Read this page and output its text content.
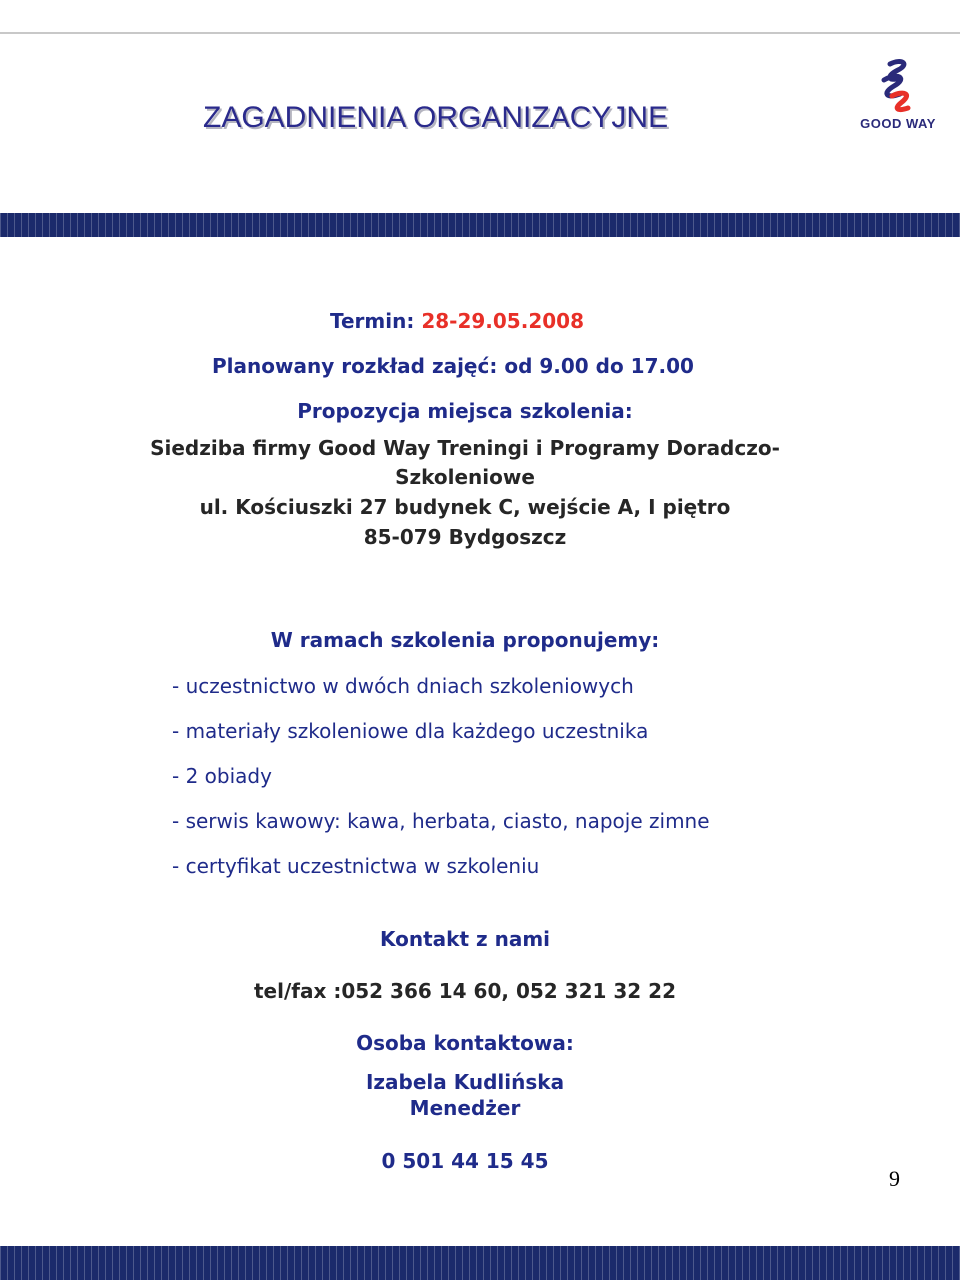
ZAGADNIENIA ORGANIZACYJNE	GOOD WAY

Termin: 28-29.05.2008

Planowany rozkład zajęć: od 9.00 do 17.00

Propozycja miejsca szkolenia:

Siedziba firmy Good Way Treningi i Programy Doradczo-

Szkoleniowe

ul. Kościuszki 27 budynek C, wejście A, I piętro

85-079 Bydgoszcz

W ramach szkolenia proponujemy:

- uczestnictwo w dwóch dniach szkoleniowych

- materiały szkoleniowe dla każdego uczestnika

- 2 obiady

- serwis kawowy: kawa, herbata, ciasto, napoje zimne

- certyfikat uczestnictwa w szkoleniu

Kontakt z nami

tel/fax :052 366 14 60, 052 321 32 22

Osoba kontaktowa:

Izabela Kudlińska

Menedżer

0 501 44 15 45

9
